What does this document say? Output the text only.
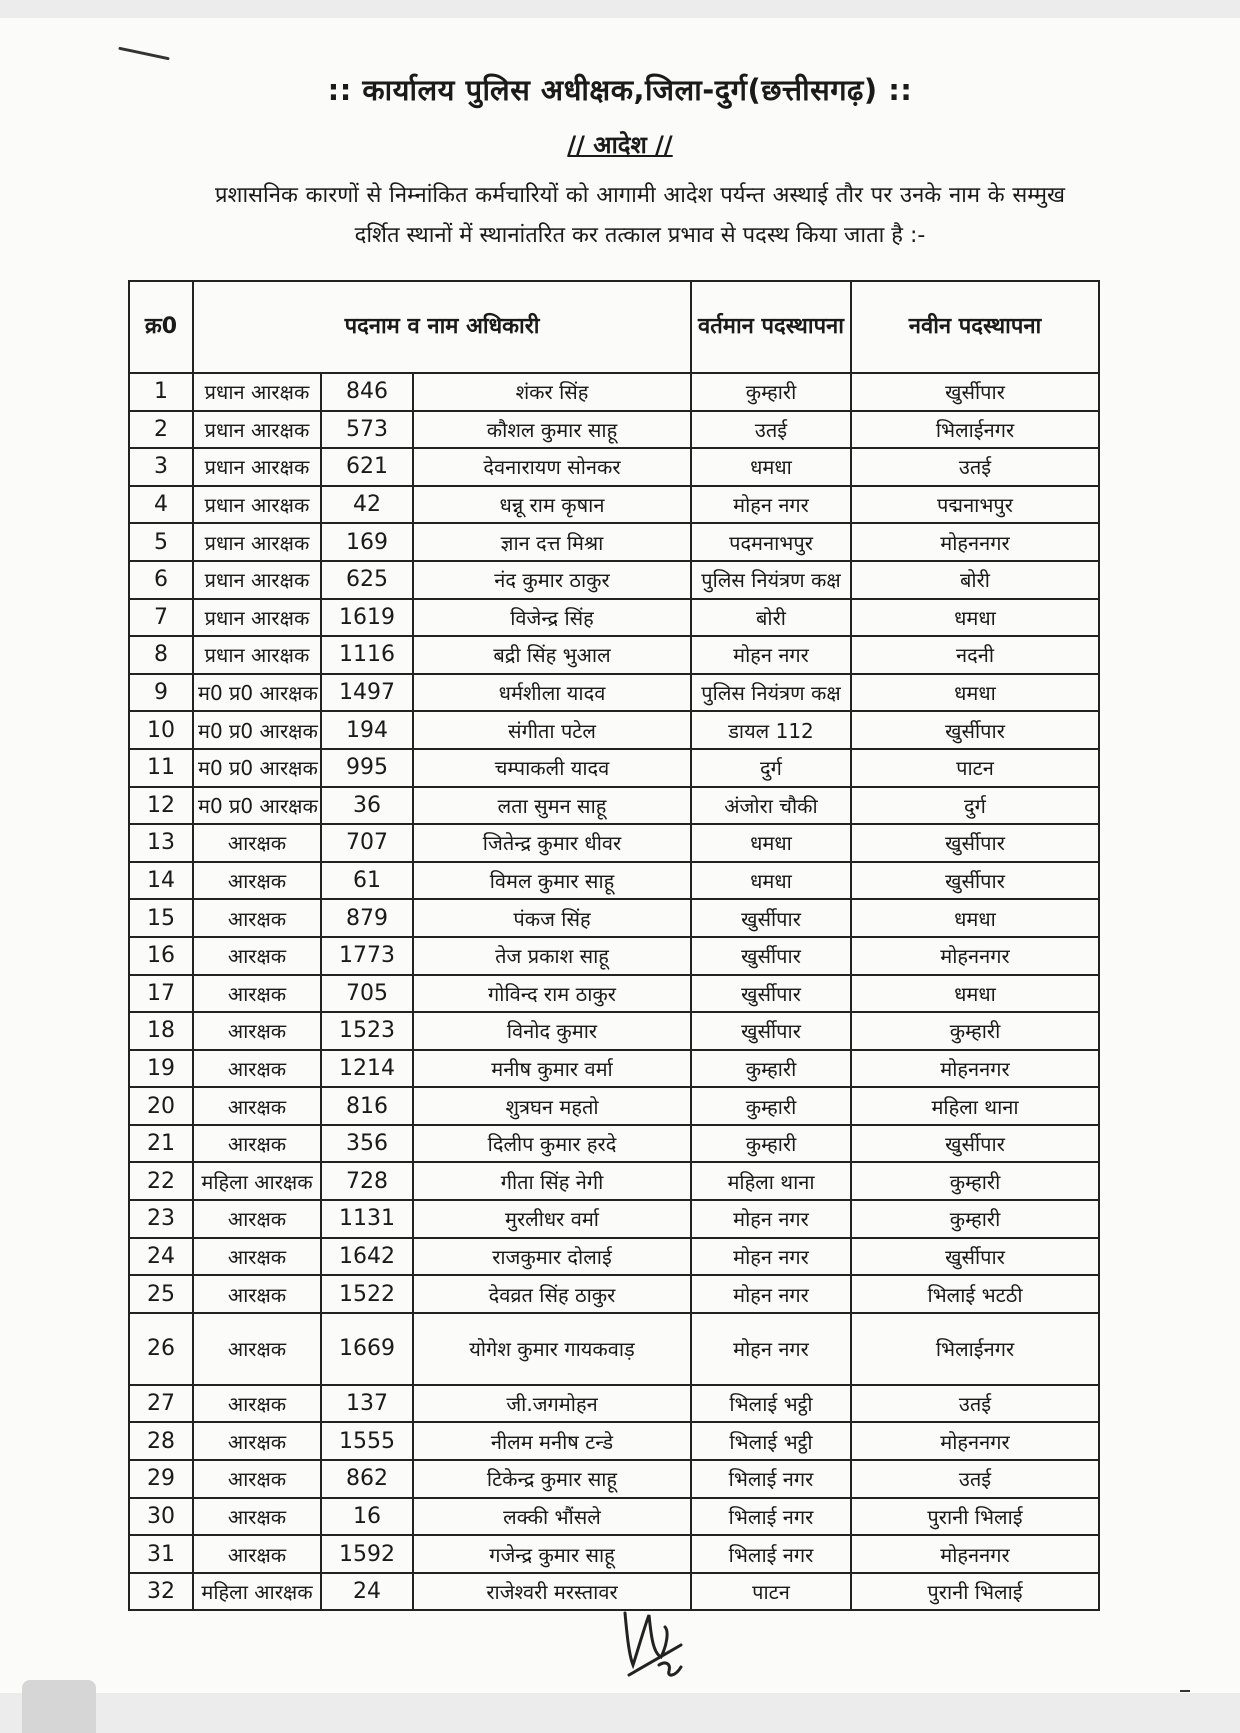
:: कार्यालय पुलिस अधीक्षक,जिला-दुर्ग(छत्तीसगढ़) ::
// आदेश //
प्रशासनिक कारणों से निम्नांकित कर्मचारियों को आगामी आदेश पर्यन्त अस्थाई तौर पर उनके नाम के सम्मुख दर्शित स्थानों में स्थानांतरित कर तत्काल प्रभाव से पदस्थ किया जाता है :-
क्र0	पदनाम व नाम अधिकारी			वर्तमान पदस्थापना	नवीन पदस्थापना
1	प्रधान आरक्षक	846	शंकर सिंह	कुम्हारी	खुर्सीपार
2	प्रधान आरक्षक	573	कौशल कुमार साहू	उतई	भिलाईनगर
3	प्रधान आरक्षक	621	देवनारायण सोनकर	धमधा	उतई
4	प्रधान आरक्षक	42	धन्नू राम कृषान	मोहन नगर	पद्मनाभपुर
5	प्रधान आरक्षक	169	ज्ञान दत्त मिश्रा	पदमनाभपुर	मोहननगर
6	प्रधान आरक्षक	625	नंद कुमार ठाकुर	पुलिस नियंत्रण कक्ष	बोरी
7	प्रधान आरक्षक	1619	विजेन्द्र सिंह	बोरी	धमधा
8	प्रधान आरक्षक	1116	बद्री सिंह भुआल	मोहन नगर	नदनी
9	म0 प्र0 आरक्षक	1497	धर्मशीला यादव	पुलिस नियंत्रण कक्ष	धमधा
10	म0 प्र0 आरक्षक	194	संगीता पटेल	डायल 112	खुर्सीपार
11	म0 प्र0 आरक्षक	995	चम्पाकली यादव	दुर्ग	पाटन
12	म0 प्र0 आरक्षक	36	लता सुमन साहू	अंजोरा चौकी	दुर्ग
13	आरक्षक	707	जितेन्द्र कुमार धीवर	धमधा	खुर्सीपार
14	आरक्षक	61	विमल कुमार साहू	धमधा	खुर्सीपार
15	आरक्षक	879	पंकज सिंह	खुर्सीपार	धमधा
16	आरक्षक	1773	तेज प्रकाश साहू	खुर्सीपार	मोहननगर
17	आरक्षक	705	गोविन्द राम ठाकुर	खुर्सीपार	धमधा
18	आरक्षक	1523	विनोद कुमार	खुर्सीपार	कुम्हारी
19	आरक्षक	1214	मनीष कुमार वर्मा	कुम्हारी	मोहननगर
20	आरक्षक	816	शुत्रघन महतो	कुम्हारी	महिला थाना
21	आरक्षक	356	दिलीप कुमार हरदे	कुम्हारी	खुर्सीपार
22	महिला आरक्षक	728	गीता सिंह नेगी	महिला थाना	कुम्हारी
23	आरक्षक	1131	मुरलीधर वर्मा	मोहन नगर	कुम्हारी
24	आरक्षक	1642	राजकुमार दोलाई	मोहन नगर	खुर्सीपार
25	आरक्षक	1522	देवव्रत सिंह ठाकुर	मोहन नगर	भिलाई भटठी
26	आरक्षक	1669	योगेश कुमार गायकवाड़	मोहन नगर	भिलाईनगर
27	आरक्षक	137	जी.जगमोहन	भिलाई भट्ठी	उतई
28	आरक्षक	1555	नीलम मनीष टन्डे	भिलाई भट्ठी	मोहननगर
29	आरक्षक	862	टिकेन्द्र कुमार साहू	भिलाई नगर	उतई
30	आरक्षक	16	लक्की भौंसले	भिलाई नगर	पुरानी भिलाई
31	आरक्षक	1592	गजेन्द्र कुमार साहू	भिलाई नगर	मोहननगर
32	महिला आरक्षक	24	राजेश्वरी मरस्तावर	पाटन	पुरानी भिलाई
